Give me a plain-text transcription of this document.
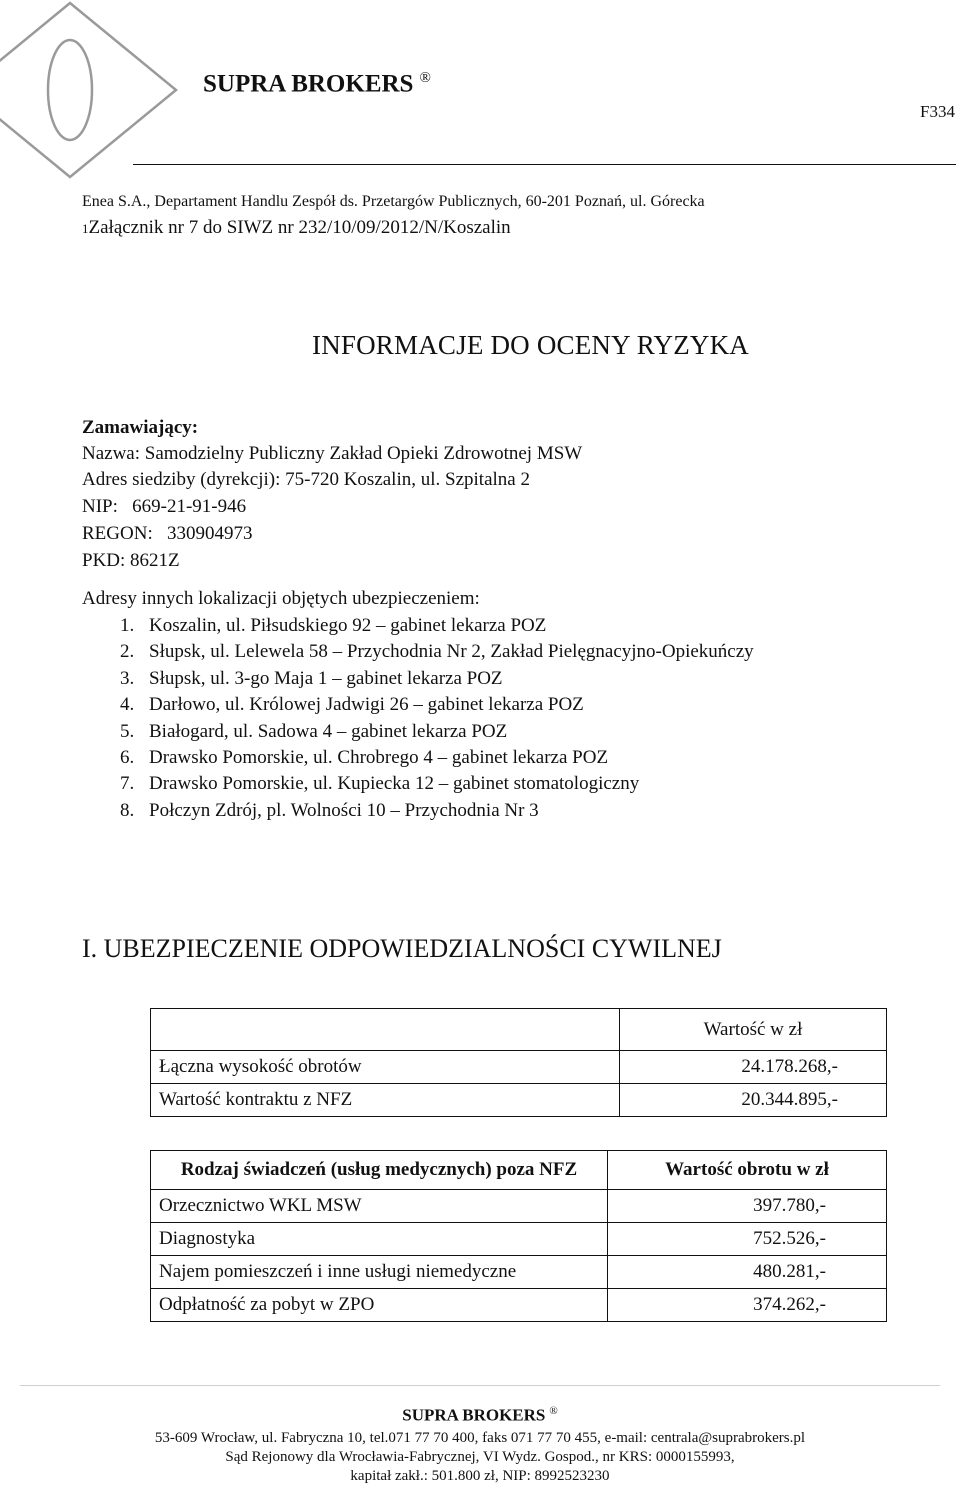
SUPRA BROKERS ®
F334
Enea S.A., Departament Handlu Zespół ds. Przetargów Publicznych, 60-201 Poznań, ul. Górecka
1Załącznik nr 7 do SIWZ nr 232/10/09/2012/N/Koszalin
INFORMACJE DO OCENY RYZYKA
Zamawiający:
Nazwa: Samodzielny Publiczny Zakład Opieki Zdrowotnej MSW
Adres siedziby (dyrekcji): 75-720 Koszalin, ul. Szpitalna 2
NIP:   669-21-91-946
REGON:   330904973
PKD: 8621Z
Adresy innych lokalizacji objętych ubezpieczeniem:
1. Koszalin, ul. Piłsudskiego 92 – gabinet lekarza POZ
2. Słupsk, ul. Lelewela 58 – Przychodnia Nr 2, Zakład Pielęgnacyjno-Opiekuńczy
3. Słupsk, ul. 3-go Maja 1 – gabinet lekarza POZ
4. Darłowo, ul. Królowej Jadwigi 26 – gabinet lekarza POZ
5. Białogard, ul. Sadowa 4 – gabinet lekarza POZ
6. Drawsko Pomorskie, ul. Chrobrego 4 – gabinet lekarza POZ
7. Drawsko Pomorskie, ul. Kupiecka 12 – gabinet stomatologiczny
8. Połczyn Zdrój, pl. Wolności 10 – Przychodnia Nr 3
I. UBEZPIECZENIE ODPOWIEDZIALNOŚCI CYWILNEJ
	Wartość w zł
Łączna wysokość obrotów	24.178.268,-
Wartość kontraktu z NFZ	20.344.895,-
Rodzaj świadczeń (usług medycznych) poza NFZ	Wartość obrotu w zł
Orzecznictwo WKL MSW	397.780,-
Diagnostyka	752.526,-
Najem pomieszczeń i inne usługi niemedyczne	480.281,-
Odpłatność za pobyt w ZPO	374.262,-
SUPRA BROKERS ®
53-609 Wrocław, ul. Fabryczna 10, tel.071 77 70 400, faks 071 77 70 455, e-mail: centrala@suprabrokers.pl
Sąd Rejonowy dla Wrocławia-Fabrycznej, VI Wydz. Gospod., nr KRS: 0000155993,
kapitał zakł.: 501.800 zł, NIP: 8992523230
